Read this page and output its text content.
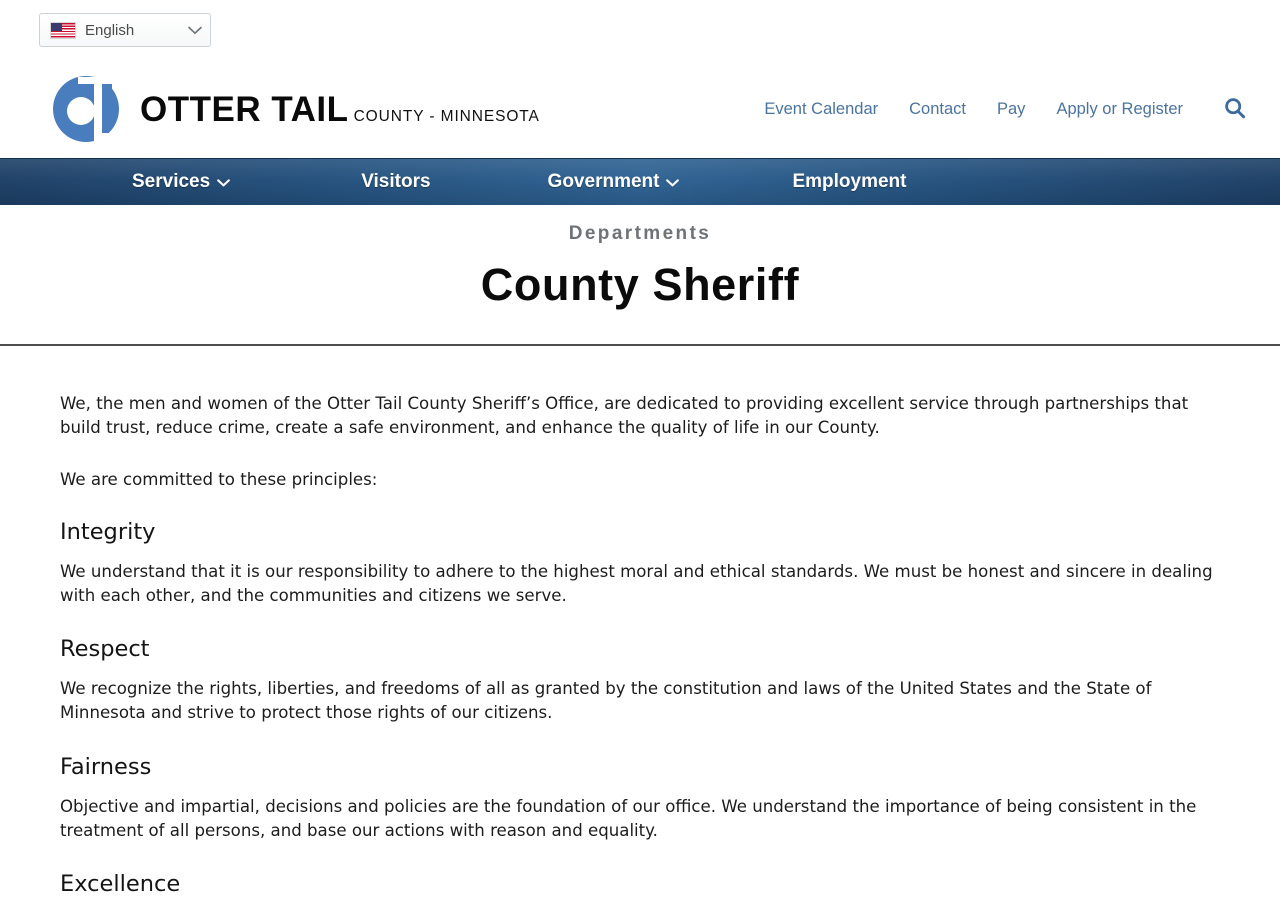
English
OTTER TAIL COUNTY - MINNESOTA	Event Calendar Contact Pay Apply or Register
Services	Visitors	Government	Employment
Departments
County Sheriff

We, the men and women of the Otter Tail County Sheriff’s Office, are dedicated to providing excellent service through partnerships that build trust, reduce crime, create a safe environment, and enhance the quality of life in our County.

We are committed to these principles:

Integrity

We understand that it is our responsibility to adhere to the highest moral and ethical standards. We must be honest and sincere in dealing with each other, and the communities and citizens we serve.

Respect

We recognize the rights, liberties, and freedoms of all as granted by the constitution and laws of the United States and the State of Minnesota and strive to protect those rights of our citizens.

Fairness

Objective and impartial, decisions and policies are the foundation of our office. We understand the importance of being consistent in the treatment of all persons, and base our actions with reason and equality.

Excellence
